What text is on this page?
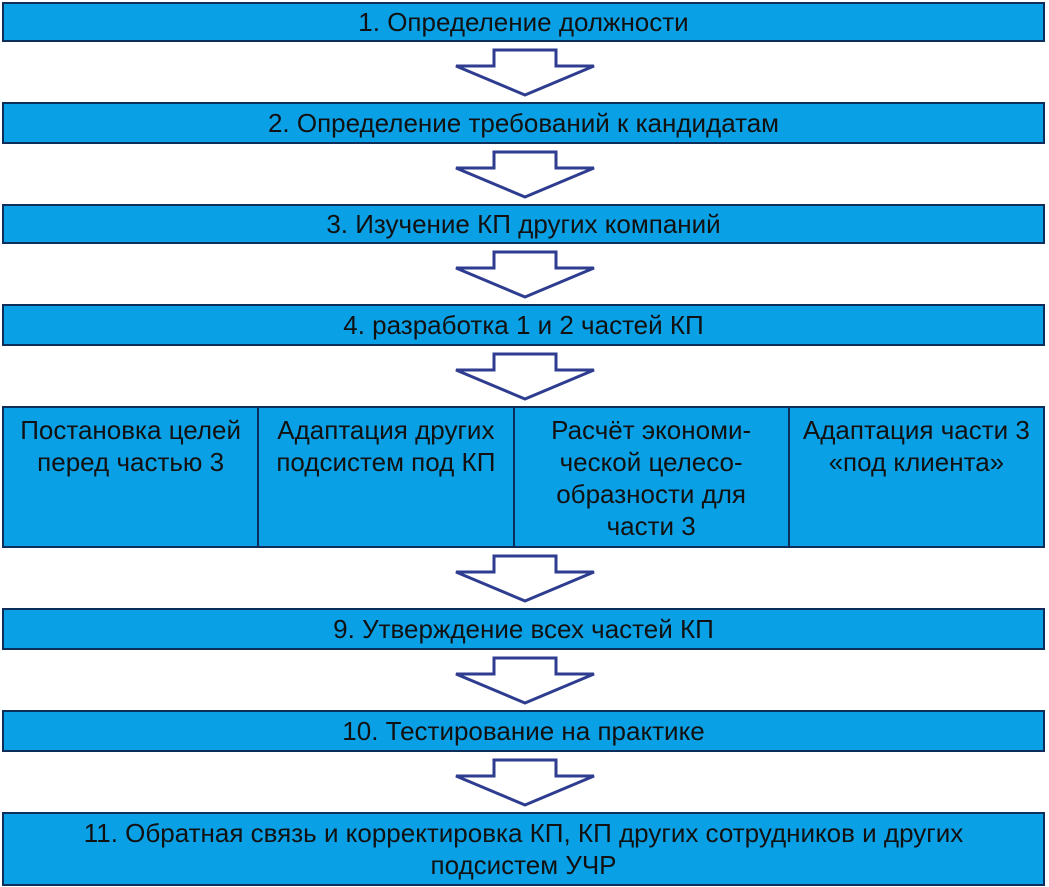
1. Определение должности
2. Определение требований к кандидатам
3. Изучение КП других компаний
4. разработка 1 и 2 частей КП
Постановка целей перед частью 3
Адаптация других подсистем под КП
Расчёт экономи-ческой целесо-образности для части 3
Адаптация части 3 «под клиента»
9. Утверждение всех частей КП
10. Тестирование на практике
11. Обратная связь и корректировка КП, КП других сотрудников и других подсистем УЧР
